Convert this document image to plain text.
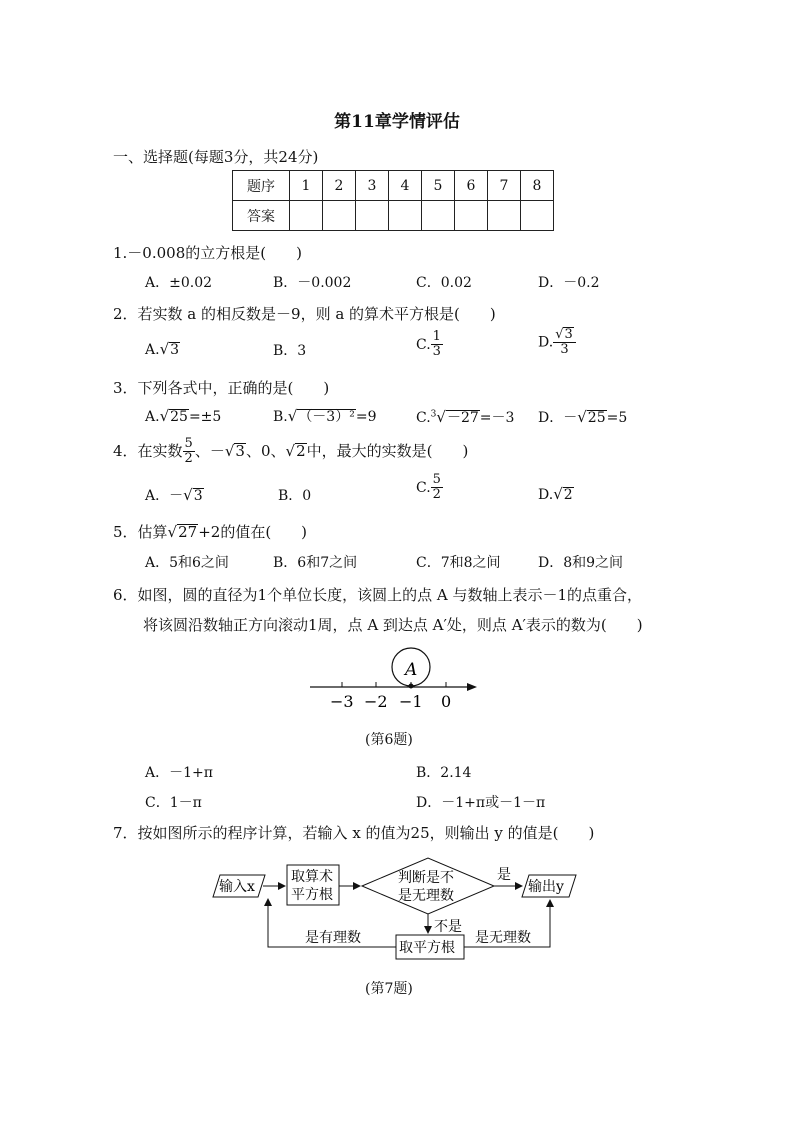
第11章学情评估
一、选择题(每题3分，共24分)
题序	1	2	3	4	5	6	7	8
答案								
1.－0.008的立方根是(　　)
A．±0.02	B．－0.002	C．0.02	D．－0.2
2．若实数 a 的相反数是－9，则 a 的算术平方根是(　　)
A.√3	B．3	C. $\frac{1}{3}$	D. $\frac{√3}{3}$
3．下列各式中，正确的是(　　)
A.√25=±5	B.√（－3）²=9	C.$^3$√－27=－3 D．－√25=5
4．在实数 $\frac{5}{2}$ 、－√3、0、√2中，最大的实数是(　　)
A．－√3	B．0
C. $\frac{5}{2}$	D.√2
5．估算√27+2的值在(　　)
A．5和6之间	B．6和7之间	C．7和8之间	D．8和9之间
6．如图，圆的直径为1个单位长度，该圆上的点 A 与数轴上表示－1的点重合，
将该圆沿数轴正方向滚动1周，点 A 到达点 A′处，则点 A′表示的数为(　　)
A
−3 −2 −1 0
(第6题)
A．－1+π	B．2.14
C．1－π	D．－1+π或－1－π
7．按如图所示的程序计算，若输入 x 的值为25，则输出 y 的值是(　　)
输入x
取算术
平方根
判断是不
是无理数
是
输出y
不是
取平方根
是有理数	是无理数
(第7题)
